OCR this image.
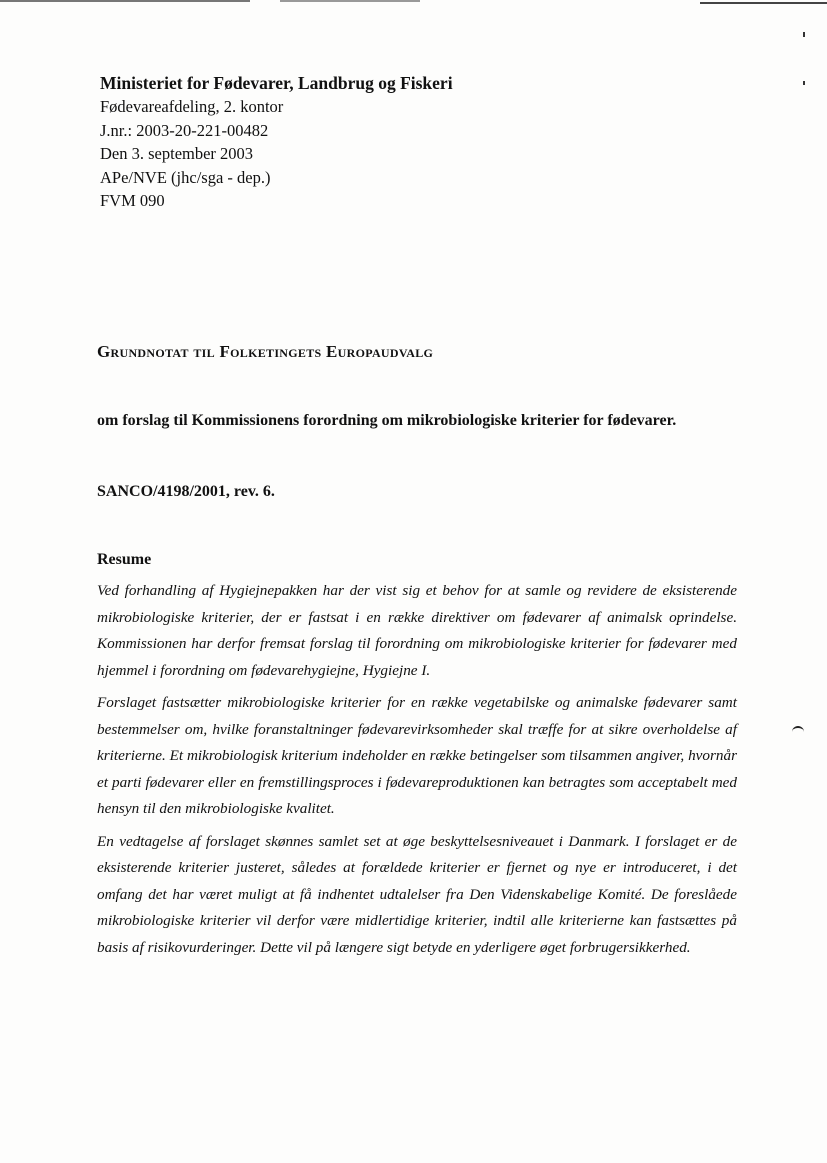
Ministeriet for Fødevarer, Landbrug og Fiskeri
Fødevareafdeling, 2. kontor
J.nr.: 2003-20-221-00482
Den 3. september 2003
APe/NVE (jhc/sga - dep.)
FVM 090
Grundnotat til Folketingets Europaudvalg
om forslag til Kommissionens forordning om mikrobiologiske kriterier for fødevarer.
SANCO/4198/2001, rev. 6.
Resume

Ved forhandling af Hygiejnepakken har der vist sig et behov for at samle og revidere de eksisterende mikrobiologiske kriterier, der er fastsat i en række direktiver om fødevarer af animalsk oprindelse. Kommissionen har derfor fremsat forslag til forordning om mikrobiologiske kriterier for fødevarer med hjemmel i forordning om fødevarehygiejne, Hygiejne I.

Forslaget fastsætter mikrobiologiske kriterier for en række vegetabilske og animalske fødevarer samt bestemmelser om, hvilke foranstaltninger fødevarevirksomheder skal træffe for at sikre overholdelse af kriterierne. Et mikrobiologisk kriterium indeholder en række betingelser som tilsammen angiver, hvornår et parti fødevarer eller en fremstillingsproces i fødevareproduktionen kan betragtes som acceptabelt med hensyn til den mikrobiologiske kvalitet.

En vedtagelse af forslaget skønnes samlet set at øge beskyttelsesniveauet i Danmark. I forslaget er de eksisterende kriterier justeret, således at forældede kriterier er fjernet og nye er introduceret, i det omfang det har været muligt at få indhentet udtalelser fra Den Videnskabelige Komité. De foreslåede mikrobiologiske kriterier vil derfor være midlertidige kriterier, indtil alle kriterierne kan fastsættes på basis af risikovurderinger. Dette vil på længere sigt betyde en yderligere øget forbrugersikkerhed.
